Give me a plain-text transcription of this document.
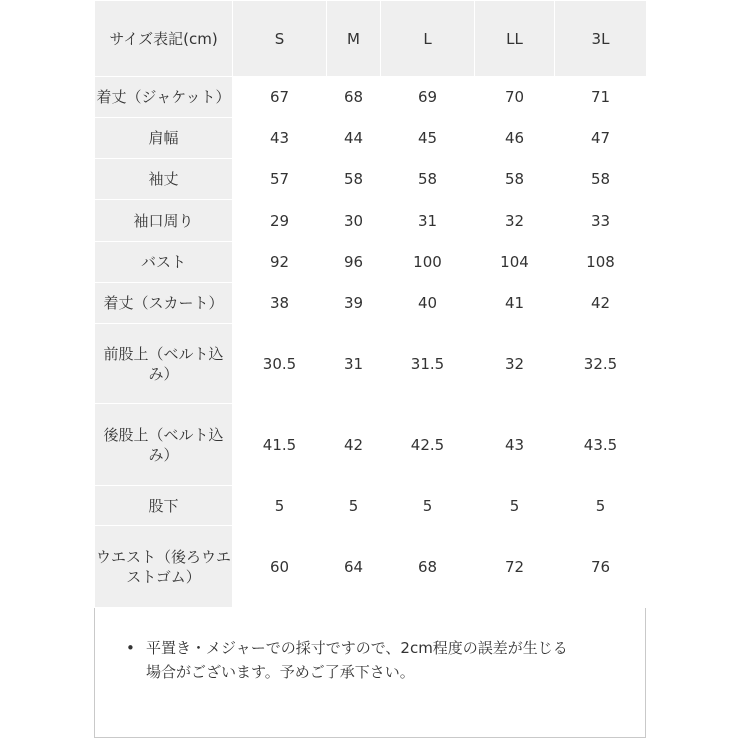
サイズ表記(cm)	S	M	L	LL	3L
着丈（ジャケット）	67	68	69	70	71
肩幅	43	44	45	46	47
袖丈	57	58	58	58	58
袖口周り	29	30	31	32	33
バスト	92	96	100	104	108
着丈（スカート）	38	39	40	41	42
前股上（ベルト込
み）	30.5	31	31.5	32	32.5
後股上（ベルト込
み）	41.5	42	42.5	43	43.5
股下	5	5	5	5	5
ウエスト（後ろウエ
ストゴム）	60	64	68	72	76
• 平置き・メジャーでの採寸ですので、2cm程度の誤差が生じる
場合がございます。予めご了承下さい。
